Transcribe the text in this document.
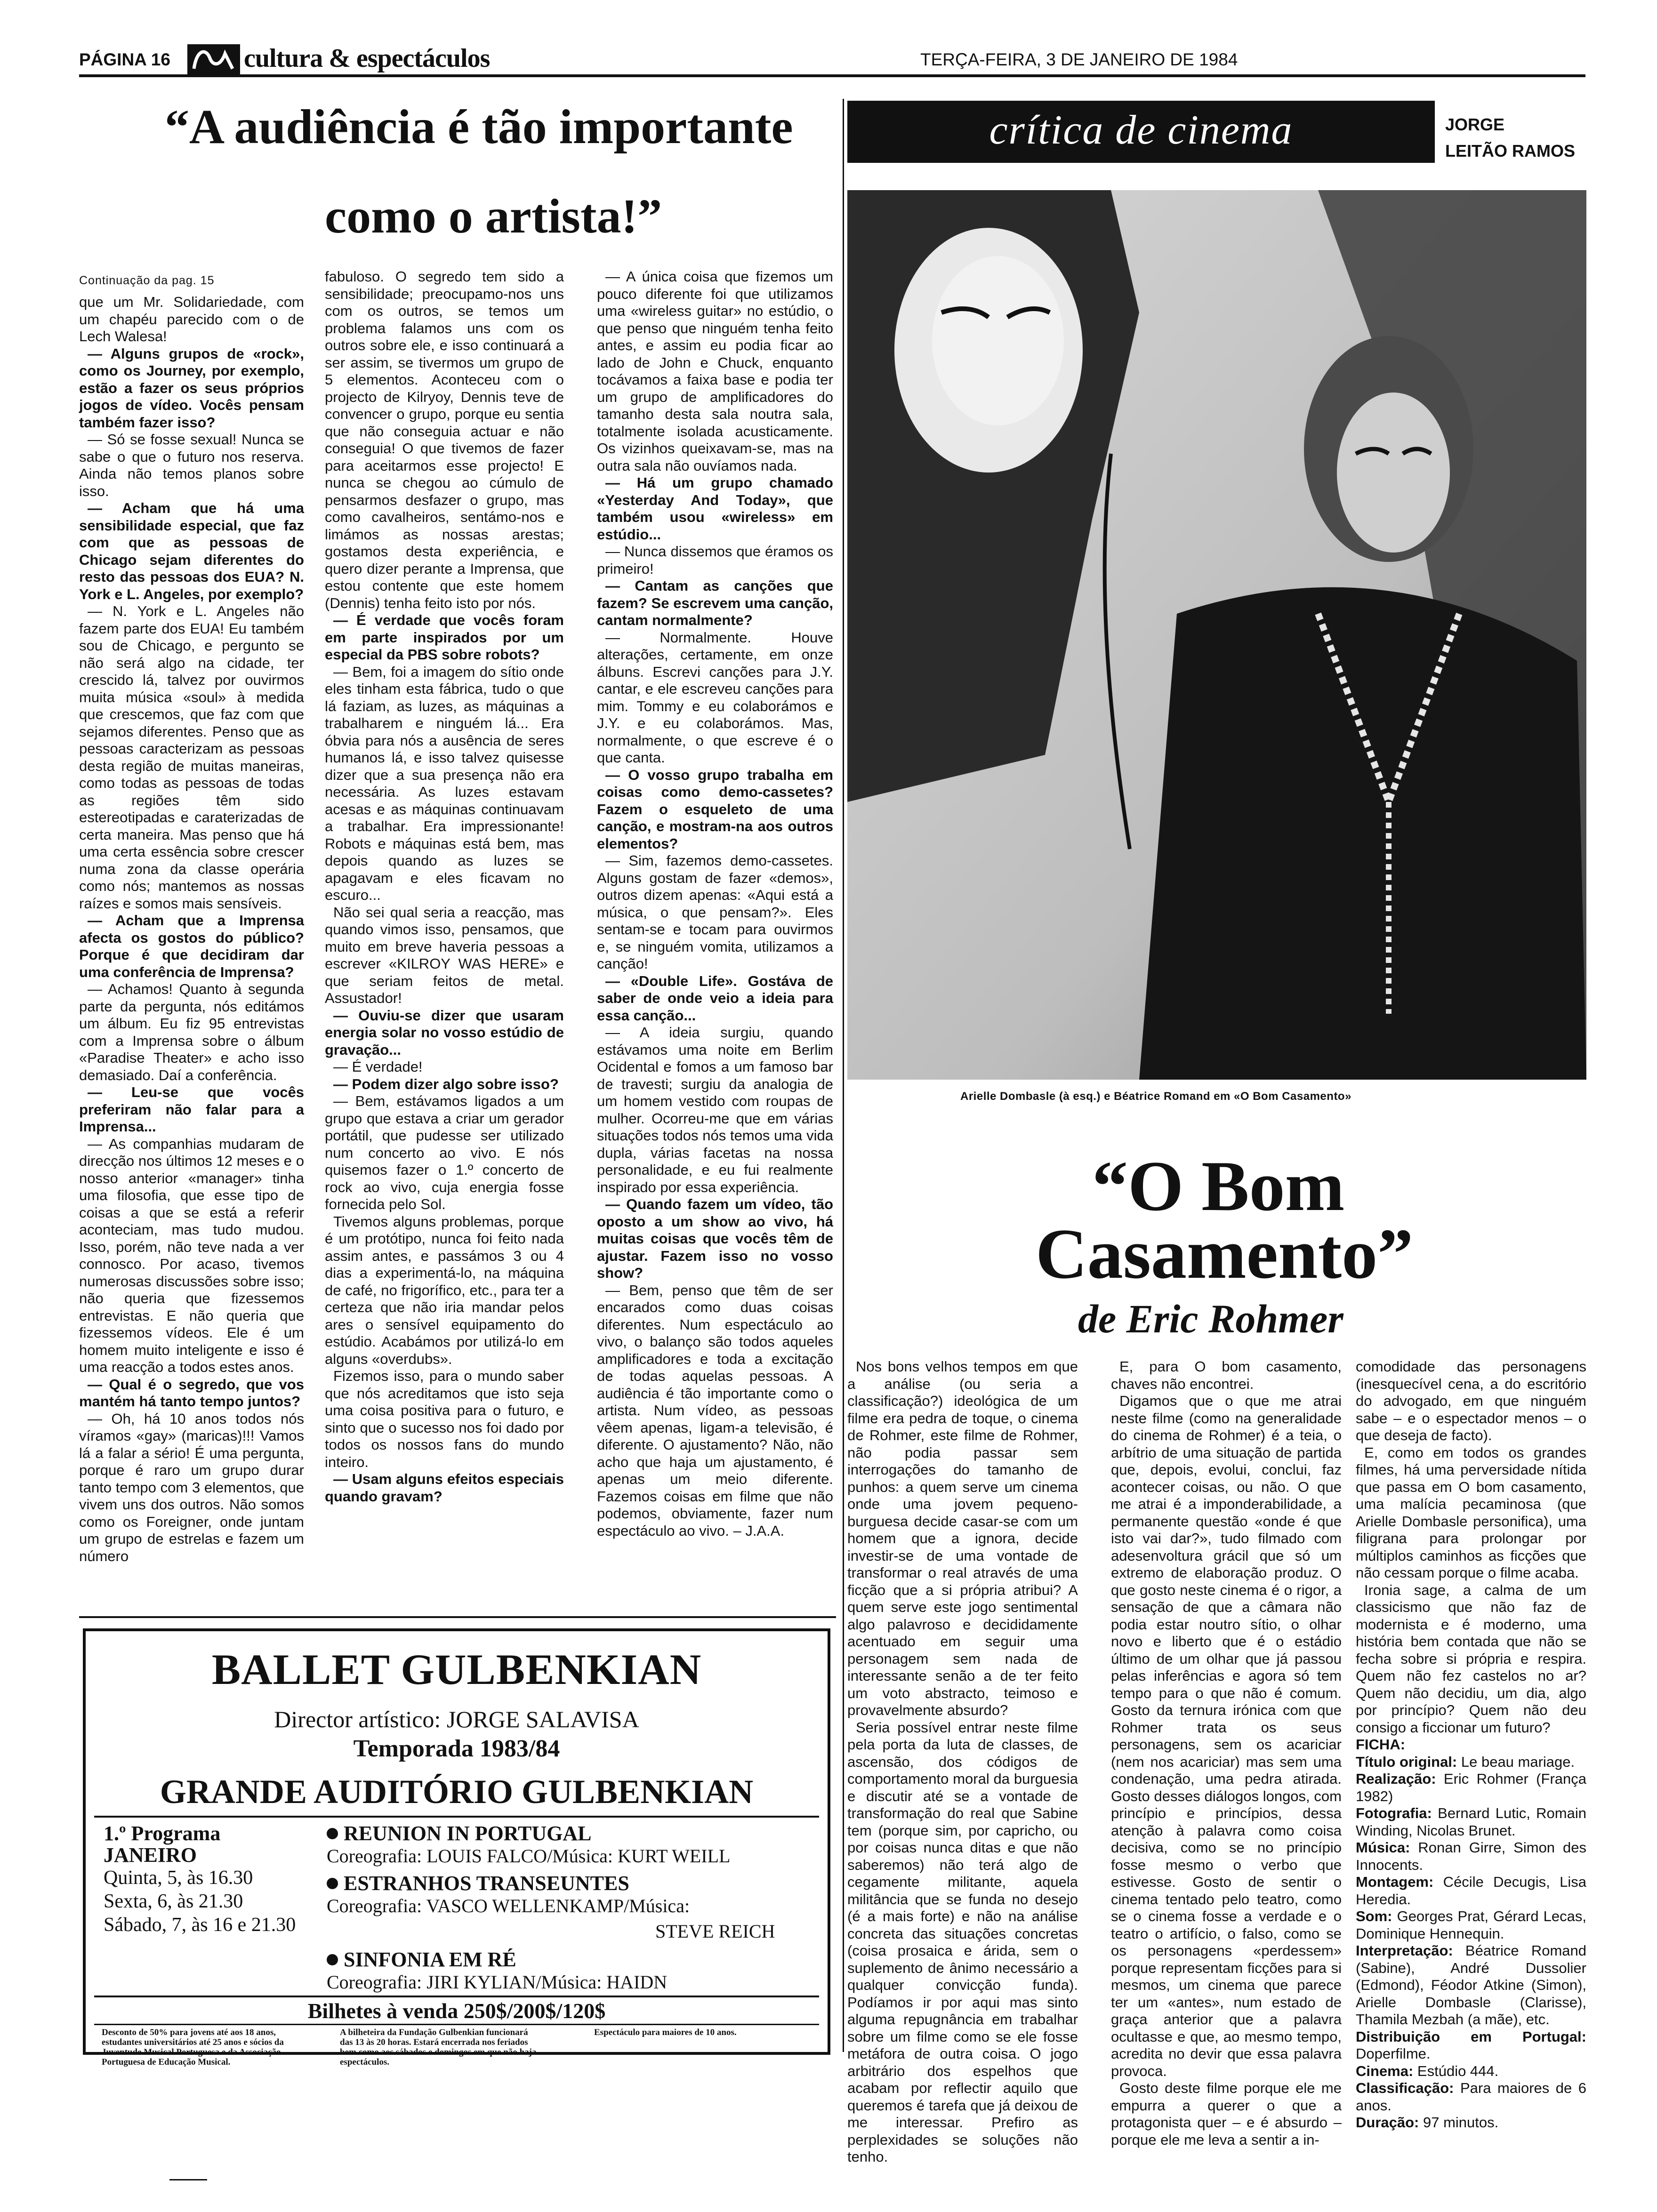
PÁGINA 16	cultura & espectáculos	TERÇA-FEIRA, 3 DE JANEIRO DE 1984
“A audiência é tão importante
como o artista!”
Continuação da pag. 15

que um Mr. Solidariedade, com um chapéu parecido com o de Lech Walesa!

— Alguns grupos de «rock», como os Journey, por exemplo, estão a fazer os seus próprios jogos de vídeo. Vocês pensam também fazer isso?

— Só se fosse sexual! Nunca se sabe o que o futuro nos reserva. Ainda não temos planos sobre isso.

— Acham que há uma sensibilidade especial, que faz com que as pessoas de Chicago sejam diferentes do resto das pessoas dos EUA? N. York e L. Angeles, por exemplo?

— N. York e L. Angeles não fazem parte dos EUA! Eu também sou de Chicago, e pergunto se não será algo na cidade, ter crescido lá, talvez por ouvirmos muita música «soul» à medida que crescemos, que faz com que sejamos diferentes. Penso que as pessoas caracterizam as pessoas desta região de muitas maneiras, como todas as pessoas de todas as regiões têm sido estereotipadas e caraterizadas de certa maneira. Mas penso que há uma certa essência sobre crescer numa zona da classe operária como nós; mantemos as nossas raízes e somos mais sensíveis.

— Acham que a Imprensa afecta os gostos do público? Porque é que decidiram dar uma conferência de Imprensa?

— Achamos! Quanto à segunda parte da pergunta, nós editámos um álbum. Eu fiz 95 entrevistas com a Imprensa sobre o álbum «Paradise Theater» e acho isso demasiado. Daí a conferência.

— Leu-se que vocês preferiram não falar para a Imprensa...

— As companhias mudaram de direcção nos últimos 12 meses e o nosso anterior «manager» tinha uma filosofia, que esse tipo de coisas a que se está a referir aconteciam, mas tudo mudou. Isso, porém, não teve nada a ver connosco. Por acaso, tivemos numerosas discussões sobre isso; não queria que fizessemos entrevistas. E não queria que fizessemos vídeos. Ele é um homem muito inteligente e isso é uma reacção a todos estes anos.

— Qual é o segredo, que vos mantém há tanto tempo juntos?

— Oh, há 10 anos todos nós víramos «gay» (maricas)!!! Vamos lá a falar a sério! É uma pergunta, porque é raro um grupo durar tanto tempo com 3 elementos, que vivem uns dos outros. Não somos como os Foreigner, onde juntam um grupo de estrelas e fazem um número

fabuloso. O segredo tem sido a sensibilidade; preocupamo-nos uns com os outros, se temos um problema falamos uns com os outros sobre ele, e isso continuará a ser assim, se tivermos um grupo de 5 elementos. Aconteceu com o projecto de Kilryoy, Dennis teve de convencer o grupo, porque eu sentia que não conseguia actuar e não conseguia! O que tivemos de fazer para aceitarmos esse projecto! E nunca se chegou ao cúmulo de pensarmos desfazer o grupo, mas como cavalheiros, sentámo-nos e limámos as nossas arestas; gostamos desta experiência, e quero dizer perante a Imprensa, que estou contente que este homem (Dennis) tenha feito isto por nós.

— É verdade que vocês foram em parte inspirados por um especial da PBS sobre robots?

— Bem, foi a imagem do sítio onde eles tinham esta fábrica, tudo o que lá faziam, as luzes, as máquinas a trabalharem e ninguém lá... Era óbvia para nós a ausência de seres humanos lá, e isso talvez quisesse dizer que a sua presença não era necessária. As luzes estavam acesas e as máquinas continuavam a trabalhar. Era impressionante! Robots e máquinas está bem, mas depois quando as luzes se apagavam e eles ficavam no escuro...

Não sei qual seria a reacção, mas quando vimos isso, pensamos, que muito em breve haveria pessoas a escrever «KILROY WAS HERE» e que seriam feitos de metal. Assustador!

— Ouviu-se dizer que usaram energia solar no vosso estúdio de gravação...

— É verdade!

— Podem dizer algo sobre isso?

— Bem, estávamos ligados a um grupo que estava a criar um gerador portátil, que pudesse ser utilizado num concerto ao vivo. E nós quisemos fazer o 1.º concerto de rock ao vivo, cuja energia fosse fornecida pelo Sol.

Tivemos alguns problemas, porque é um protótipo, nunca foi feito nada assim antes, e passámos 3 ou 4 dias a experimentá-lo, na máquina de café, no frigorífico, etc., para ter a certeza que não iria mandar pelos ares o sensível equipamento do estúdio. Acabámos por utilizá-lo em alguns «overdubs».

Fizemos isso, para o mundo saber que nós acreditamos que isto seja uma coisa positiva para o futuro, e sinto que o sucesso nos foi dado por todos os nossos fans do mundo inteiro.

— Usam alguns efeitos especiais quando gravam?

— A única coisa que fizemos um pouco diferente foi que utilizamos uma «wireless guitar» no estúdio, o que penso que ninguém tenha feito antes, e assim eu podia ficar ao lado de John e Chuck, enquanto tocávamos a faixa base e podia ter um grupo de amplificadores do tamanho desta sala noutra sala, totalmente isolada acusticamente. Os vizinhos queixavam-se, mas na outra sala não ouvíamos nada.

— Há um grupo chamado «Yesterday And Today», que também usou «wireless» em estúdio...

— Nunca dissemos que éramos os primeiro!

— Cantam as canções que fazem? Se escrevem uma canção, cantam normalmente?

— Normalmente. Houve alterações, certamente, em onze álbuns. Escrevi canções para J.Y. cantar, e ele escreveu canções para mim. Tommy e eu colaborámos e J.Y. e eu colaborámos. Mas, normalmente, o que escreve é o que canta.

— O vosso grupo trabalha em coisas como demo-cassetes? Fazem o esqueleto de uma canção, e mostram-na aos outros elementos?

— Sim, fazemos demo-cassetes. Alguns gostam de fazer «demos», outros dizem apenas: «Aqui está a música, o que pensam?». Eles sentam-se e tocam para ouvirmos e, se ninguém vomita, utilizamos a canção!

— «Double Life». Gostáva de saber de onde veio a ideia para essa canção...

— A ideia surgiu, quando estávamos uma noite em Berlim Ocidental e fomos a um famoso bar de travesti; surgiu da analogia de um homem vestido com roupas de mulher. Ocorreu-me que em várias situações todos nós temos uma vida dupla, várias facetas na nossa personalidade, e eu fui realmente inspirado por essa experiência.

— Quando fazem um vídeo, tão oposto a um show ao vivo, há muitas coisas que vocês têm de ajustar. Fazem isso no vosso show?

— Bem, penso que têm de ser encarados como duas coisas diferentes. Num espectáculo ao vivo, o balanço são todos aqueles amplificadores e toda a excitação de todas aquelas pessoas. A audiência é tão importante como o artista. Num vídeo, as pessoas vêem apenas, ligam-a televisão, é diferente. O ajustamento? Não, não acho que haja um ajustamento, é apenas um meio diferente. Fazemos coisas em filme que não podemos, obviamente, fazer num espectáculo ao vivo. – J.A.A.

BALLET GULBENKIAN
Director artístico: JORGE SALAVISA
Temporada 1983/84
GRANDE AUDITÓRIO GULBENKIAN
1.º Programa
JANEIRO
Quinta, 5, às 16.30
Sexta, 6, às 21.30
Sábado, 7, às 16 e 21.30
REUNION IN PORTUGAL
Coreografia: LOUIS FALCO/Música: KURT WEILL
ESTRANHOS TRANSEUNTES
Coreografia: VASCO WELLENKAMP/Música:
STEVE REICH
SINFONIA EM RÉ
Coreografia: JIRI KYLIAN/Música: HAIDN
Bilhetes à venda 250$/200$/120$
Desconto de 50% para jovens até aos 18 anos, estudantes universitários até 25 anos e sócios da Juventude Musical Portuguesa e da Associação Portuguesa de Educação Musical.
A bilheteira da Fundação Gulbenkian funcionará das 13 às 20 horas. Estará encerrada nos feriados bem como aos sábados e domingos em que não haja espectáculos.
Espectáculo para maiores de 10 anos.
crítica de cinema	JORGE
LEITÃO RAMOS
Arielle Dombasle (à esq.) e Béatrice Romand em «O Bom Casamento»
“O Bom
Casamento”
de Eric Rohmer

Nos bons velhos tempos em que a análise (ou seria a classificação?) ideológica de um filme era pedra de toque, o cinema de Rohmer, este filme de Rohmer, não podia passar sem interrogações do tamanho de punhos: a quem serve um cinema onde uma jovem pequeno-burguesa decide casar-se com um homem que a ignora, decide investir-se de uma vontade de transformar o real através de uma ficção que a si própria atribui? A quem serve este jogo sentimental algo palavroso e decididamente acentuado em seguir uma personagem sem nada de interessante senão a de ter feito um voto abstracto, teimoso e provavelmente absurdo?

Seria possível entrar neste filme pela porta da luta de classes, de ascensão, dos códigos de comportamento moral da burguesia e discutir até se a vontade de transformação do real que Sabine tem (porque sim, por capricho, ou por coisas nunca ditas e que não saberemos) não terá algo de cegamente militante, aquela militância que se funda no desejo (é a mais forte) e não na análise concreta das situações concretas (coisa prosaica e árida, sem o suplemento de ânimo necessário a qualquer convicção funda). Podíamos ir por aqui mas sinto alguma repugnância em trabalhar sobre um filme como se ele fosse metáfora de outra coisa. O jogo arbitrário dos espelhos que acabam por reflectir aquilo que queremos é tarefa que já deixou de me interessar. Prefiro as perplexidades se soluções não tenho.

E, para O bom casamento, chaves não encontrei.

Digamos que o que me atrai neste filme (como na generalidade do cinema de Rohmer) é a teia, o arbítrio de uma situação de partida que, depois, evolui, conclui, faz acontecer coisas, ou não. O que me atrai é a imponderabilidade, a permanente questão «onde é que isto vai dar?», tudo filmado com adesenvoltura grácil que só um extremo de elaboração produz. O que gosto neste cinema é o rigor, a sensação de que a câmara não podia estar noutro sítio, o olhar novo e liberto que é o estádio último de um olhar que já passou pelas inferências e agora só tem tempo para o que não é comum. Gosto da ternura irónica com que Rohmer trata os seus personagens, sem os acariciar (nem nos acariciar) mas sem uma condenação, uma pedra atirada. Gosto desses diálogos longos, com princípio e princípios, dessa atenção à palavra como coisa decisiva, como se no princípio fosse mesmo o verbo que estivesse. Gosto de sentir o cinema tentado pelo teatro, como se o cinema fosse a verdade e o teatro o artifício, o falso, como se os personagens «perdessem» porque representam ficções para si mesmos, um cinema que parece ter um «antes», num estado de graça anterior que a palavra ocultasse e que, ao mesmo tempo, acredita no devir que essa palavra provoca.

Gosto deste filme porque ele me empurra a querer o que a protagonista quer – e é absurdo – porque ele me leva a sentir a in-

comodidade das personagens (inesquecível cena, a do escritório do advogado, em que ninguém sabe – e o espectador menos – o que deseja de facto).

E, como em todos os grandes filmes, há uma perversidade nítida que passa em O bom casamento, uma malícia pecaminosa (que Arielle Dombasle personifica), uma filigrana para prolongar por múltiplos caminhos as ficções que não cessam porque o filme acaba.

Ironia sage, a calma de um classicismo que não faz de modernista e é moderno, uma história bem contada que não se fecha sobre si própria e respira. Quem não fez castelos no ar? Quem não decidiu, um dia, algo por princípio? Quem não deu consigo a ficcionar um futuro?

FICHA:

Título original: Le beau mariage.

Realização: Eric Rohmer (França 1982)

Fotografia: Bernard Lutic, Romain Winding, Nicolas Brunet.

Música: Ronan Girre, Simon des Innocents.

Montagem: Cécile Decugis, Lisa Heredia.

Som: Georges Prat, Gérard Lecas, Dominique Hennequin.

Interpretação: Béatrice Romand (Sabine), André Dussolier (Edmond), Féodor Atkine (Simon), Arielle Dombasle (Clarisse), Thamila Mezbah (a mãe), etc.

Distribuição em Portugal: Doperfilme.

Cinema: Estúdio 444.

Classificação: Para maiores de 6 anos.

Duração: 97 minutos.
